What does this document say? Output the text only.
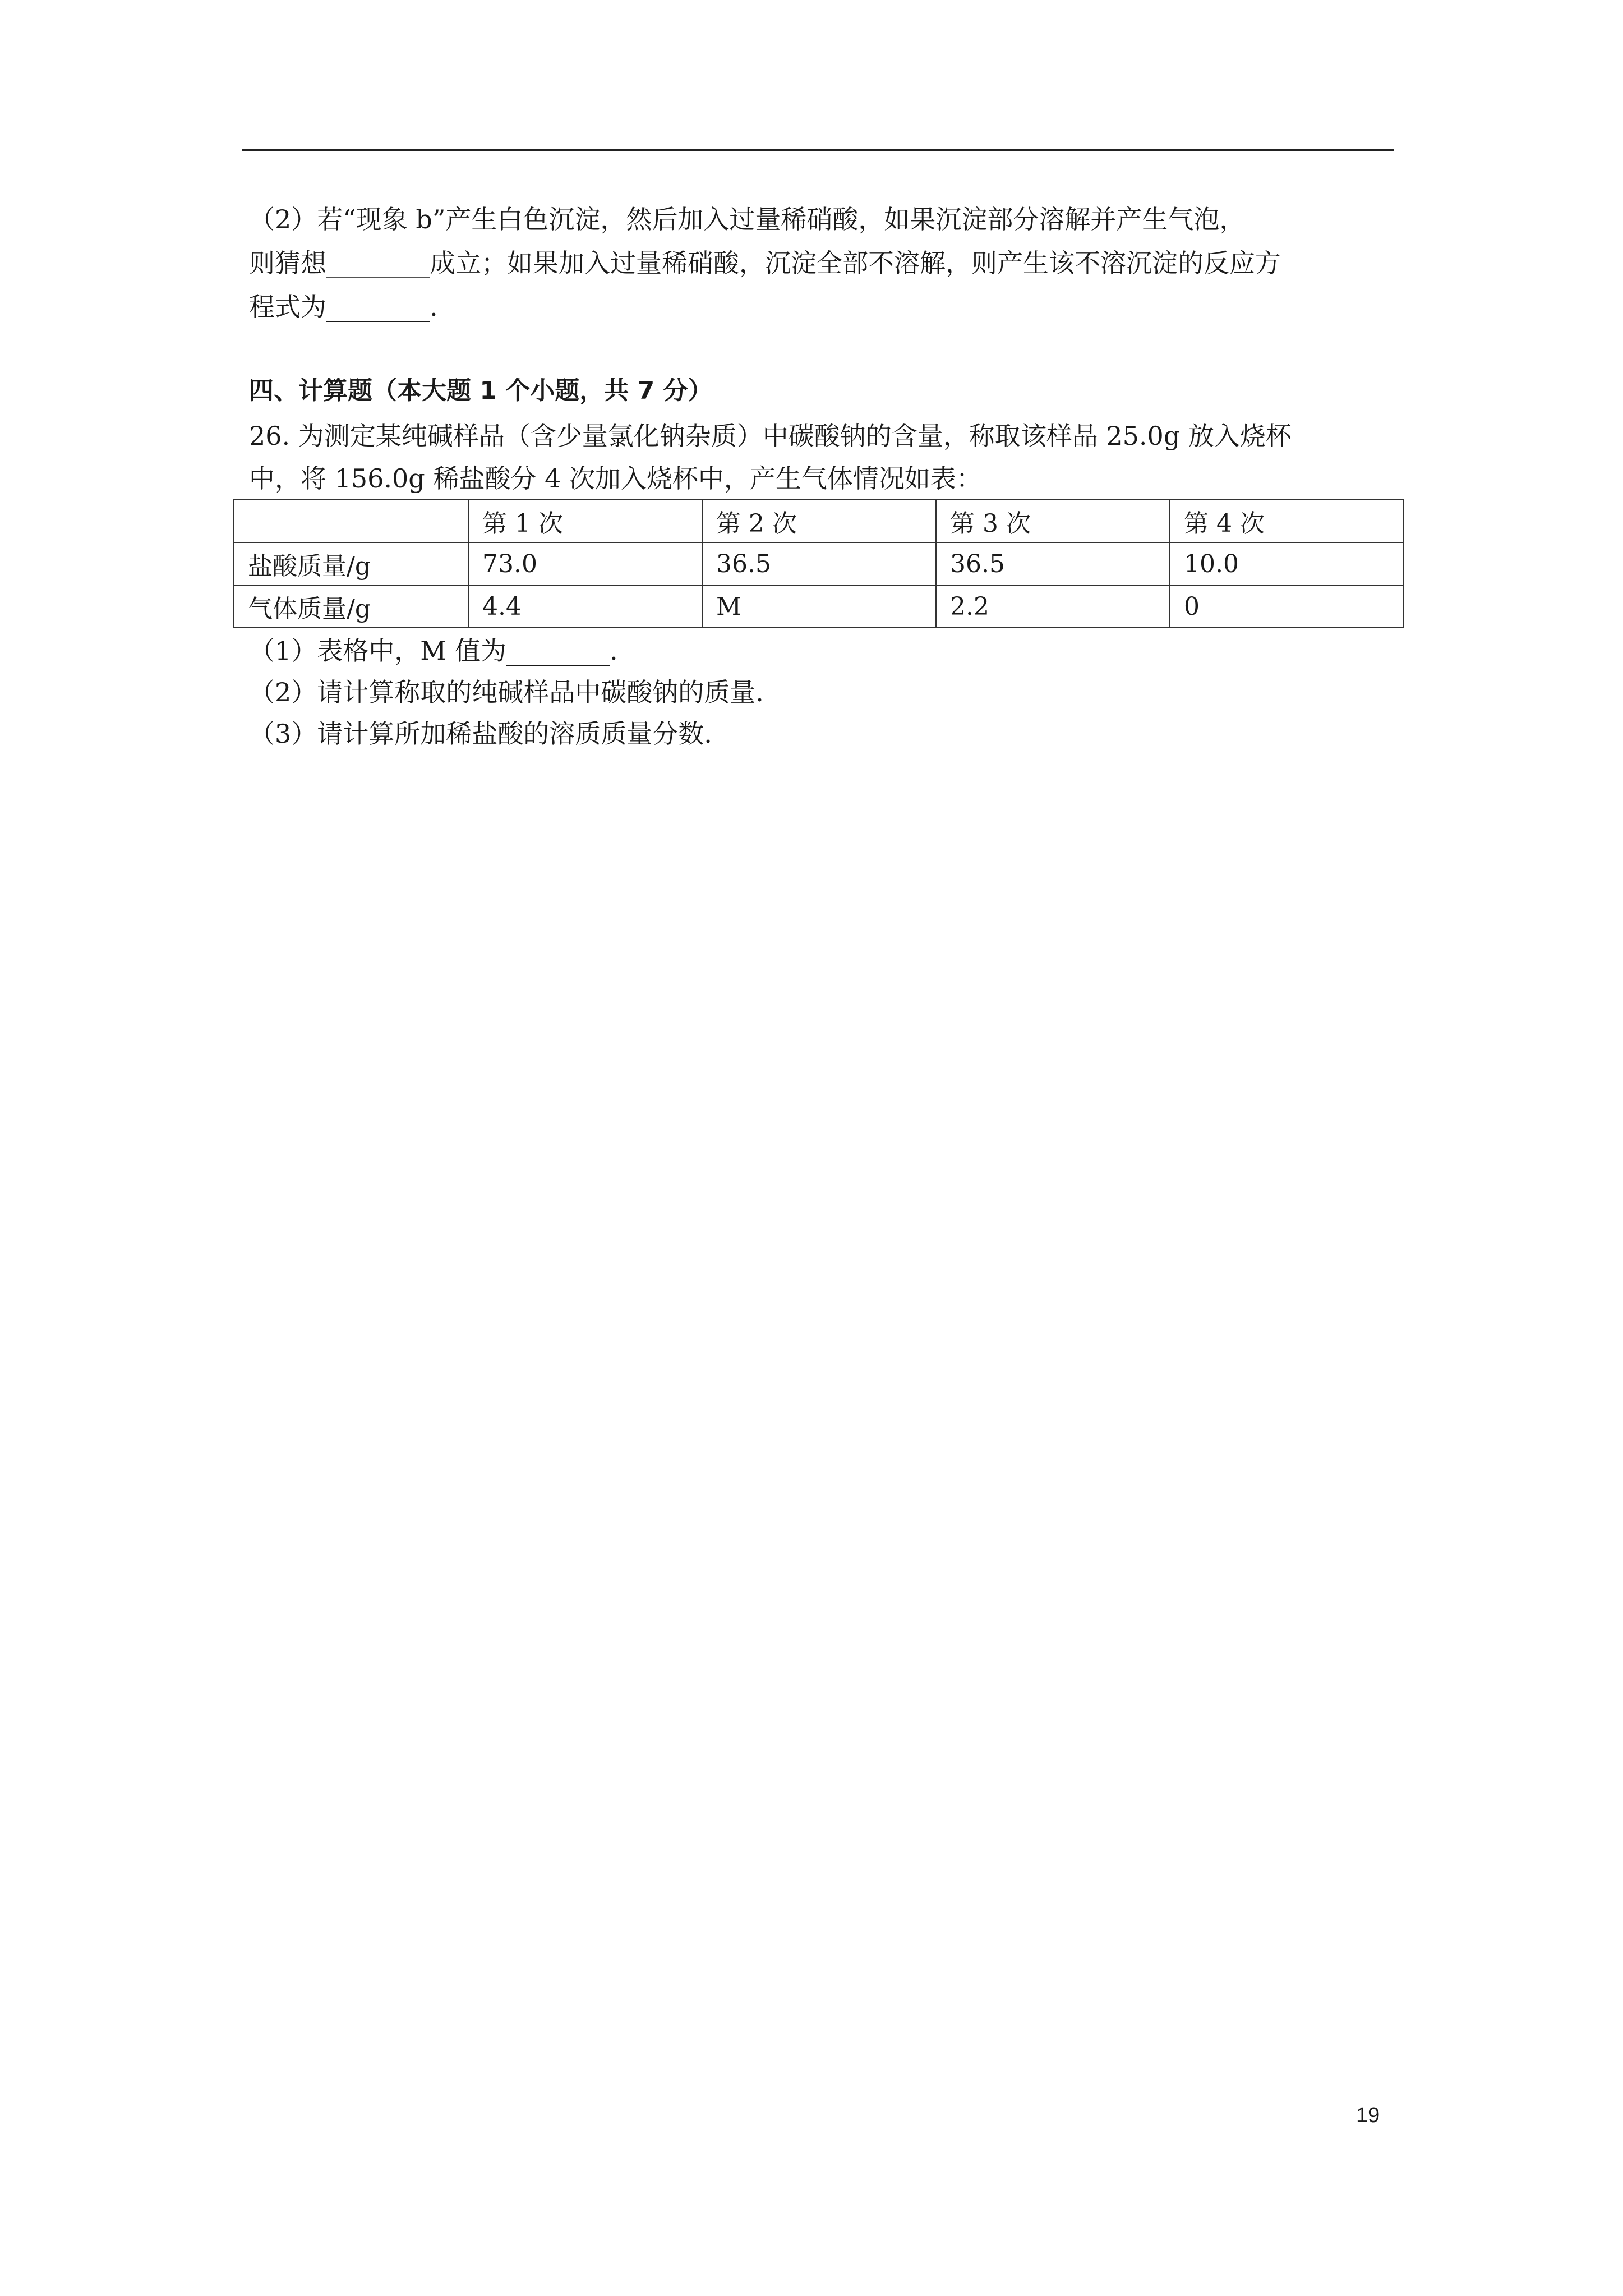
（2）若“现象 b”产生白色沉淀，然后加入过量稀硝酸，如果沉淀部分溶解并产生气泡，
则猜想________成立；如果加入过量稀硝酸，沉淀全部不溶解，则产生该不溶沉淀的反应方
程式为________.
四、计算题（本大题 1 个小题，共 7 分）
26. 为测定某纯碱样品（含少量氯化钠杂质）中碳酸钠的含量，称取该样品 25.0g 放入烧杯
中，将 156.0g 稀盐酸分 4 次加入烧杯中，产生气体情况如表：
	第 1 次	第 2 次	第 3 次	第 4 次
盐酸质量/g	73.0	36.5	36.5	10.0
气体质量/g	4.4	M	2.2	0
（1）表格中，M 值为________.
（2）请计算称取的纯碱样品中碳酸钠的质量.
（3）请计算所加稀盐酸的溶质质量分数.
19
